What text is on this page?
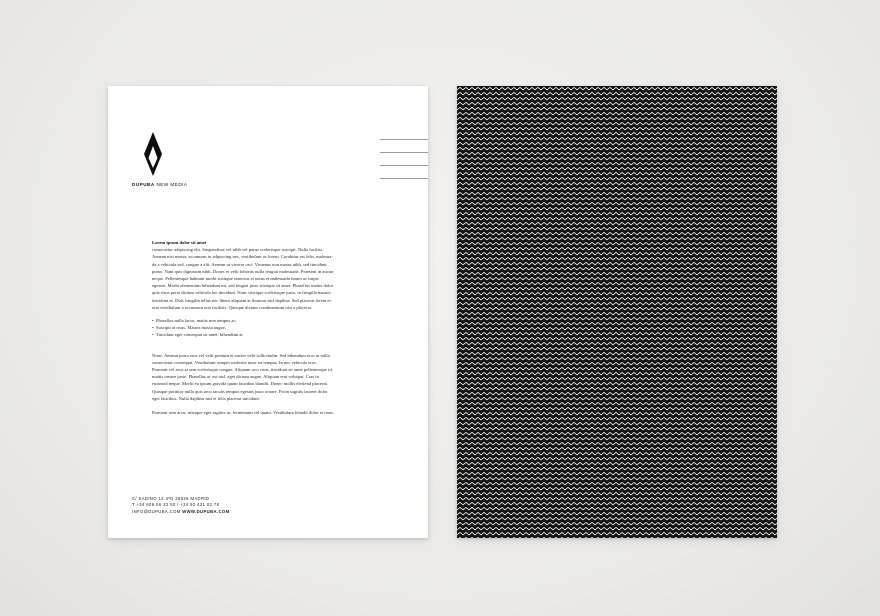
DUPUBA NEW MEDIA

Lorem ipsum dolor sit amet

consectetur adipiscing elit. Suspendisse vel nibh vel purus scelerisque suscipit. Nulla facilisi.

Aenean nisi massa, accumsan in adipiscing nec, vestibulum ac lorem. Curabitur est felis, malesua-

da a vehicula sed, congue a elit. Aenean ut viverra orci. Vivamus non massa nibh, sed tincidunt

purus. Nam quis dignissim nibh. Donec et velit lobortis nulla feugiat malesuada. Praesent in auctor

neque. Pellentesque habitant morbi tristique senectus et netus et malesuada fames ac turpis

egestas. Morbi elementum bibendum mi, sed feugiat justo tristique sit amet. Phasellus mattis dolor

quis risus porta dictum vehicula leo tincidunt. Nunc tristique scelerisque justo, in fringilla mauris

tincidunt et. Duis fringilla tellus nec libero aliquam at rhoncus nisl dapibus. Sed placerat lorem et

erat vestibulum a accumsan erat facilisis. Quisque dictum condimentum nisi a placerat.

• Phasellus nulla lacus, mattis non tempus ac,
• Suscipit at risus. Mauris massa augue,
• Tincidunt eget consequat sit amet, bibendum at

Nunc. Aenean porta eros vel velit pretium et auctor velit sollicitudin. Sed bibendum eros ut nulla

consectetur consequat. Vestibulum semper molestie nunc eu tempus. In nec vehicula eros.

Praesent vel arcu at sem scelerisque congue. Aliquam orci risus, tincidunt sit amet pellentesque id,

mattis ornare justo. Phasellus ac est nisl, eget dictum augue. Aliquam erat volutpat. Cras in

euismod neque. Morbi eu ipsum gravida quam faucibus blandit. Donec mollis eleifend placerat.

Quisque porttitor nulla quis arcu iaculis tempus egestas justo ornare. Proin sagittis laoreet dolor

eget faucibus. Nulla dapibus nisl et felis placerat tincidunt.

Praesent sem arcu, tristique eget sagittis ut, fermentum vel quam. Vestibulum blandit dolor et risus.

C/ SADINO 12 4ºD 28025 MADRID
T +34 606 06 33 50 / +34 92 421 02 78
INFO@DUPUBA.COM WWW.DUPUBA.COM
